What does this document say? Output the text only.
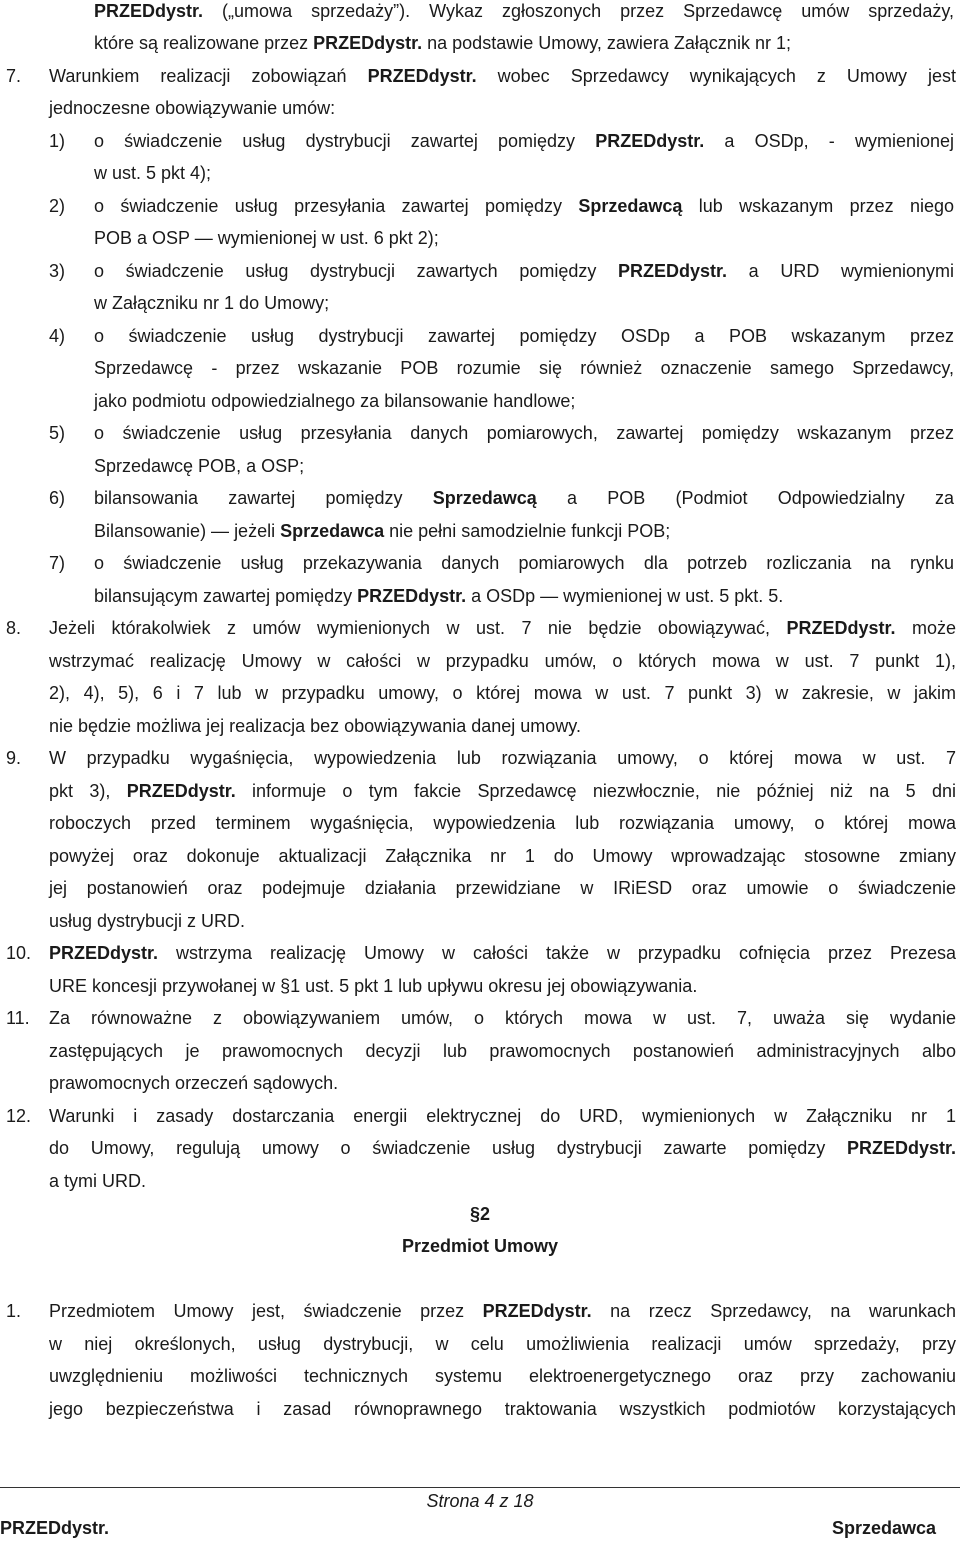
PRZEDdystr. („umowa sprzedaży”). Wykaz zgłoszonych przez Sprzedawcę umów sprzedaży,
które są realizowane przez PRZEDdystr. na podstawie Umowy, zawiera Załącznik nr 1;
7. Warunkiem realizacji zobowiązań PRZEDdystr. wobec Sprzedawcy wynikających z Umowy jest
jednoczesne obowiązywanie umów:
1) o świadczenie usług dystrybucji zawartej pomiędzy PRZEDdystr. a OSDp, - wymienionej
w ust. 5 pkt 4);
2) o świadczenie usług przesyłania zawartej pomiędzy Sprzedawcą lub wskazanym przez niego
POB a OSP — wymienionej w ust. 6 pkt 2);
3) o świadczenie usług dystrybucji zawartych pomiędzy PRZEDdystr. a URD wymienionymi
w Załączniku nr 1 do Umowy;
4) o świadczenie usług dystrybucji zawartej pomiędzy OSDp a POB wskazanym przez
Sprzedawcę - przez wskazanie POB rozumie się również oznaczenie samego Sprzedawcy,
jako podmiotu odpowiedzialnego za bilansowanie handlowe;
5) o świadczenie usług przesyłania danych pomiarowych, zawartej pomiędzy wskazanym przez
Sprzedawcę POB, a OSP;
6) bilansowania zawartej pomiędzy Sprzedawcą a POB (Podmiot Odpowiedzialny za
Bilansowanie) — jeżeli Sprzedawca nie pełni samodzielnie funkcji POB;
7) o świadczenie usług przekazywania danych pomiarowych dla potrzeb rozliczania na rynku
bilansującym zawartej pomiędzy PRZEDdystr. a OSDp — wymienionej w ust. 5 pkt. 5.
8. Jeżeli którakolwiek z umów wymienionych w ust. 7 nie będzie obowiązywać, PRZEDdystr. może
wstrzymać realizację Umowy w całości w przypadku umów, o których mowa w ust. 7 punkt 1),
2), 4), 5), 6 i 7 lub w przypadku umowy, o której mowa w ust. 7 punkt 3) w zakresie, w jakim
nie będzie możliwa jej realizacja bez obowiązywania danej umowy.
9. W przypadku wygaśnięcia, wypowiedzenia lub rozwiązania umowy, o której mowa w ust. 7
pkt 3), PRZEDdystr. informuje o tym fakcie Sprzedawcę niezwłocznie, nie później niż na 5 dni
roboczych przed terminem wygaśnięcia, wypowiedzenia lub rozwiązania umowy, o której mowa
powyżej oraz dokonuje aktualizacji Załącznika nr 1 do Umowy wprowadzając stosowne zmiany
jej postanowień oraz podejmuje działania przewidziane w IRiESD oraz umowie o świadczenie
usług dystrybucji z URD.
10. PRZEDdystr. wstrzyma realizację Umowy w całości także w przypadku cofnięcia przez Prezesa
URE koncesji przywołanej w §1 ust. 5 pkt 1 lub upływu okresu jej obowiązywania.
11. Za równoważne z obowiązywaniem umów, o których mowa w ust. 7, uważa się wydanie
zastępujących je prawomocnych decyzji lub prawomocnych postanowień administracyjnych albo
prawomocnych orzeczeń sądowych.
12. Warunki i zasady dostarczania energii elektrycznej do URD, wymienionych w Załączniku nr 1
do Umowy, regulują umowy o świadczenie usług dystrybucji zawarte pomiędzy PRZEDdystr.
a tymi URD.
§2
Przedmiot Umowy
1. Przedmiotem Umowy jest, świadczenie przez PRZEDdystr. na rzecz Sprzedawcy, na warunkach
w niej określonych, usług dystrybucji, w celu umożliwienia realizacji umów sprzedaży, przy
uwzględnieniu możliwości technicznych systemu elektroenergetycznego oraz przy zachowaniu
jego bezpieczeństwa i zasad równoprawnego traktowania wszystkich podmiotów korzystających
Strona 4 z 18
PRZEDdystr.	Sprzedawca
